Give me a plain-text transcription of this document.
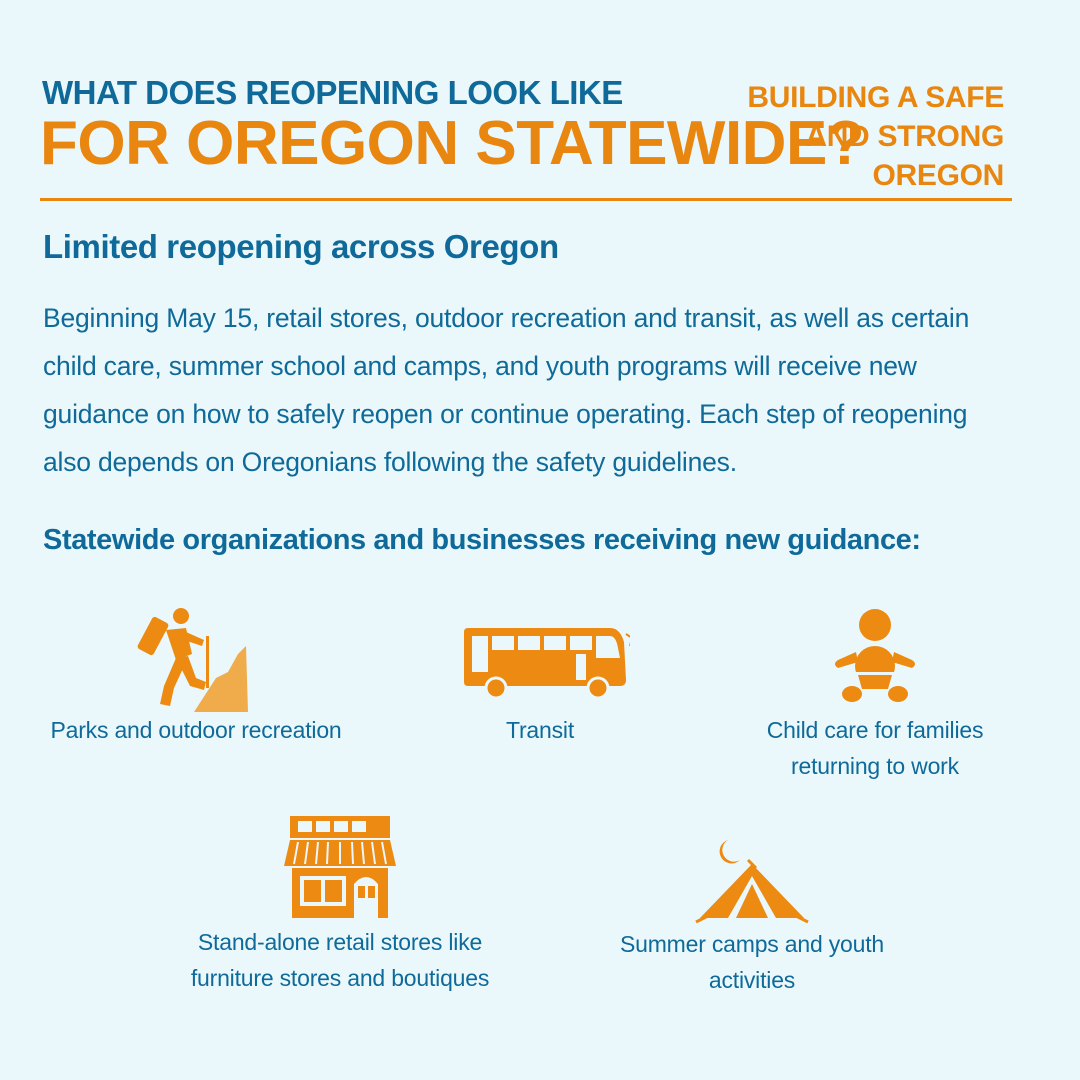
WHAT DOES REOPENING LOOK LIKE
FOR OREGON STATEWIDE?
BUILDING A SAFE AND STRONG OREGON
Limited reopening across Oregon
Beginning May 15, retail stores, outdoor recreation and transit, as well as certain child care, summer school and camps, and youth programs will receive new guidance on how to safely reopen or continue operating. Each step of reopening also depends on Oregonians following the safety guidelines.
Statewide organizations and businesses receiving new guidance:
Parks and outdoor recreation	Transit	Child care for families returning to work
Stand-alone retail stores like furniture stores and boutiques
Summer camps and youth activities
